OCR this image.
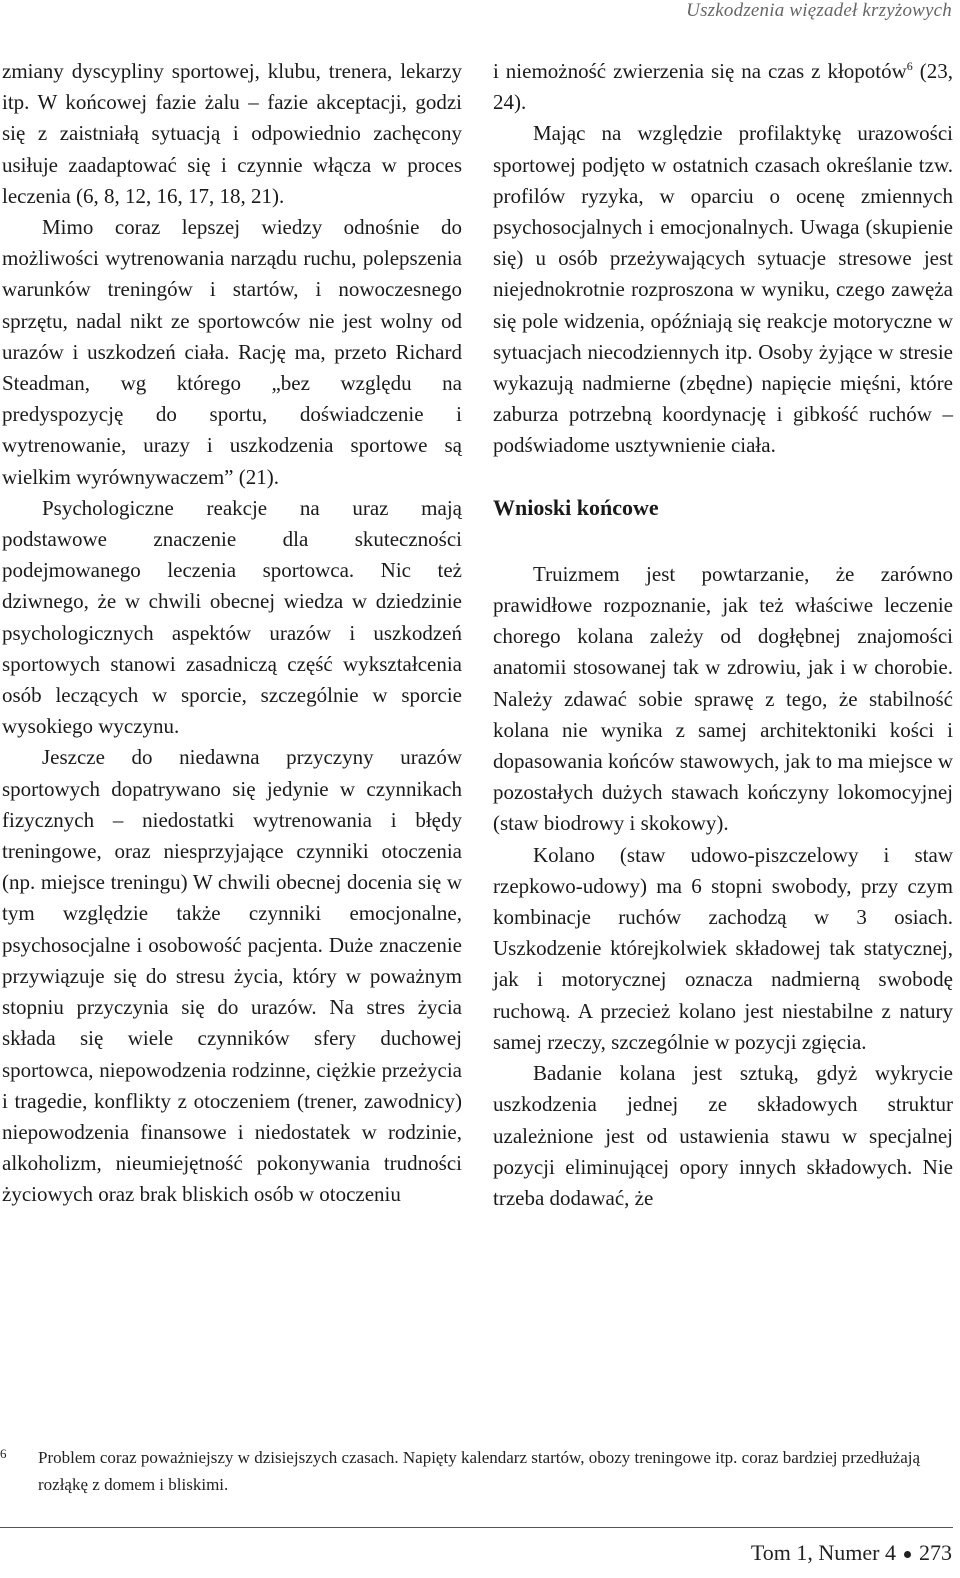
Uszkodzenia więzadeł krzyżowych

zmiany dyscypliny sportowej, klubu, trenera, lekarzy itp. W końcowej fazie żalu – fazie akceptacji, godzi się z zaistniałą sytuacją i odpowiednio zachęcony usiłuje zaadaptować się i czynnie włącza w proces leczenia (6, 8, 12, 16, 17, 18, 21).

Mimo coraz lepszej wiedzy odnośnie do możliwości wytrenowania narządu ruchu, polepszenia warunków treningów i startów, i nowoczesnego sprzętu, nadal nikt ze sportowców nie jest wolny od urazów i uszkodzeń ciała. Rację ma, przeto Richard Steadman, wg którego „bez względu na predyspozycję do sportu, doświadczenie i wytrenowanie, urazy i uszkodzenia sportowe są wielkim wyrównywaczem” (21).

Psychologiczne reakcje na uraz mają podstawowe znaczenie dla skuteczności podejmowanego leczenia sportowca. Nic też dziwnego, że w chwili obecnej wiedza w dziedzinie psychologicznych aspektów urazów i uszkodzeń sportowych stanowi zasadniczą część wykształcenia osób leczących w sporcie, szczególnie w sporcie wysokiego wyczynu.

Jeszcze do niedawna przyczyny urazów sportowych dopatrywano się jedynie w czynnikach fizycznych – niedostatki wytrenowania i błędy treningowe, oraz niesprzyjające czynniki otoczenia (np. miejsce treningu) W chwili obecnej docenia się w tym względzie także czynniki emocjonalne, psychosocjalne i osobowość pacjenta. Duże znaczenie przywiązuje się do stresu życia, który w poważnym stopniu przyczynia się do urazów. Na stres życia składa się wiele czynników sfery duchowej sportowca, niepowodzenia rodzinne, ciężkie przeżycia i tragedie, konflikty z otoczeniem (trener, zawodnicy) niepowodzenia finansowe i niedostatek w rodzinie, alkoholizm, nieumiejętność pokonywania trudności życiowych oraz brak bliskich osób w otoczeniu

i niemożność zwierzenia się na czas z kłopotów$^6$ (23, 24).

Mając na względzie profilaktykę urazowości sportowej podjęto w ostatnich czasach określanie tzw. profilów ryzyka, w oparciu o ocenę zmiennych psychosocjalnych i emocjonalnych. Uwaga (skupienie się) u osób przeżywających sytuacje stresowe jest niejednokrotnie rozproszona w wyniku, czego zawęża się pole widzenia, opóźniają się reakcje motoryczne w sytuacjach niecodziennych itp. Osoby żyjące w stresie wykazują nadmierne (zbędne) napięcie mięśni, które zaburza potrzebną koordynację i gibkość ruchów – podświadome usztywnienie ciała.

Wnioski końcowe

Truizmem jest powtarzanie, że zarówno prawidłowe rozpoznanie, jak też właściwe leczenie chorego kolana zależy od dogłębnej znajomości anatomii stosowanej tak w zdrowiu, jak i w chorobie. Należy zdawać sobie sprawę z tego, że stabilność kolana nie wynika z samej architektoniki kości i dopasowania końców stawowych, jak to ma miejsce w pozostałych dużych stawach kończyny lokomocyjnej (staw biodrowy i skokowy).

Kolano (staw udowo-piszczelowy i staw rzepkowo-udowy) ma 6 stopni swobody, przy czym kombinacje ruchów zachodzą w 3 osiach. Uszkodzenie którejkolwiek składowej tak statycznej, jak i motorycznej oznacza nadmierną swobodę ruchową. A przecież kolano jest niestabilne z natury samej rzeczy, szczególnie w pozycji zgięcia.

Badanie kolana jest sztuką, gdyż wykrycie uszkodzenia jednej ze składowych struktur uzależnione jest od ustawienia stawu w specjalnej pozycji eliminującej opory innych składowych. Nie trzeba dodawać, że

6 Problem coraz poważniejszy w dzisiejszych czasach. Napięty kalendarz startów, obozy treningowe itp. coraz bardziej przedłużają rozłąkę z domem i bliskimi.
Tom 1, Numer 4 273
